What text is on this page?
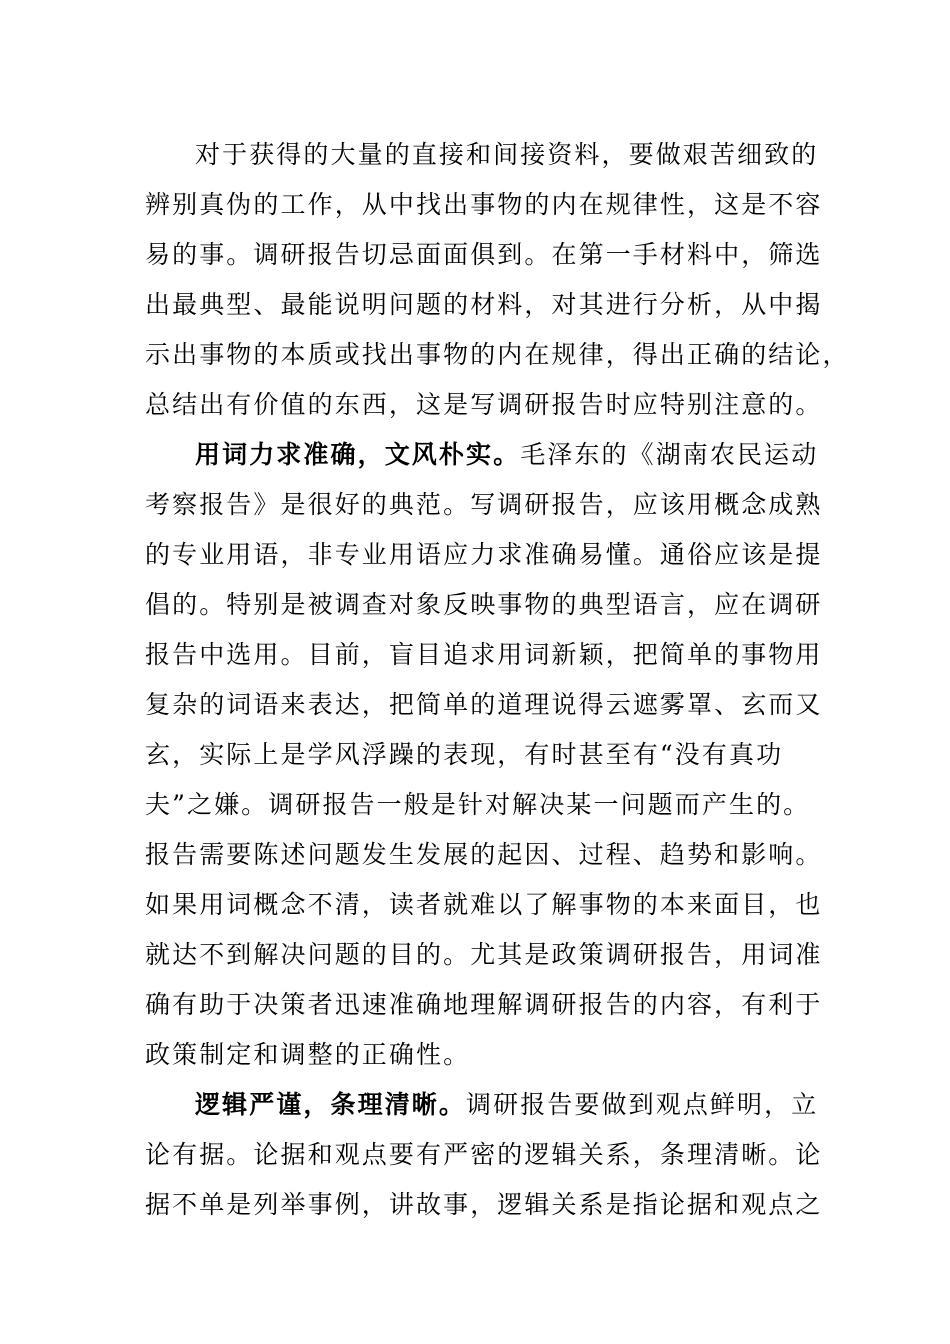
对于获得的大量的直接和间接资料，要做艰苦细致的
辨别真伪的工作，从中找出事物的内在规律性，这是不容
易的事。调研报告切忌面面俱到。在第一手材料中，筛选
出最典型、最能说明问题的材料，对其进行分析，从中揭
示出事物的本质或找出事物的内在规律，得出正确的结论，
总结出有价值的东西，这是写调研报告时应特别注意的。
用词力求准确，文风朴实。毛泽东的《湖南农民运动
考察报告》是很好的典范。写调研报告，应该用概念成熟
的专业用语，非专业用语应力求准确易懂。通俗应该是提
倡的。特别是被调查对象反映事物的典型语言，应在调研
报告中选用。目前，盲目追求用词新颖，把简单的事物用
复杂的词语来表达，把简单的道理说得云遮雾罩、玄而又
玄，实际上是学风浮躁的表现，有时甚至有“没有真功
夫”之嫌。调研报告一般是针对解决某一问题而产生的。
报告需要陈述问题发生发展的起因、过程、趋势和影响。
如果用词概念不清，读者就难以了解事物的本来面目，也
就达不到解决问题的目的。尤其是政策调研报告，用词准
确有助于决策者迅速准确地理解调研报告的内容，有利于
政策制定和调整的正确性。
逻辑严谨，条理清晰。调研报告要做到观点鲜明，立
论有据。论据和观点要有严密的逻辑关系，条理清晰。论
据不单是列举事例，讲故事，逻辑关系是指论据和观点之
